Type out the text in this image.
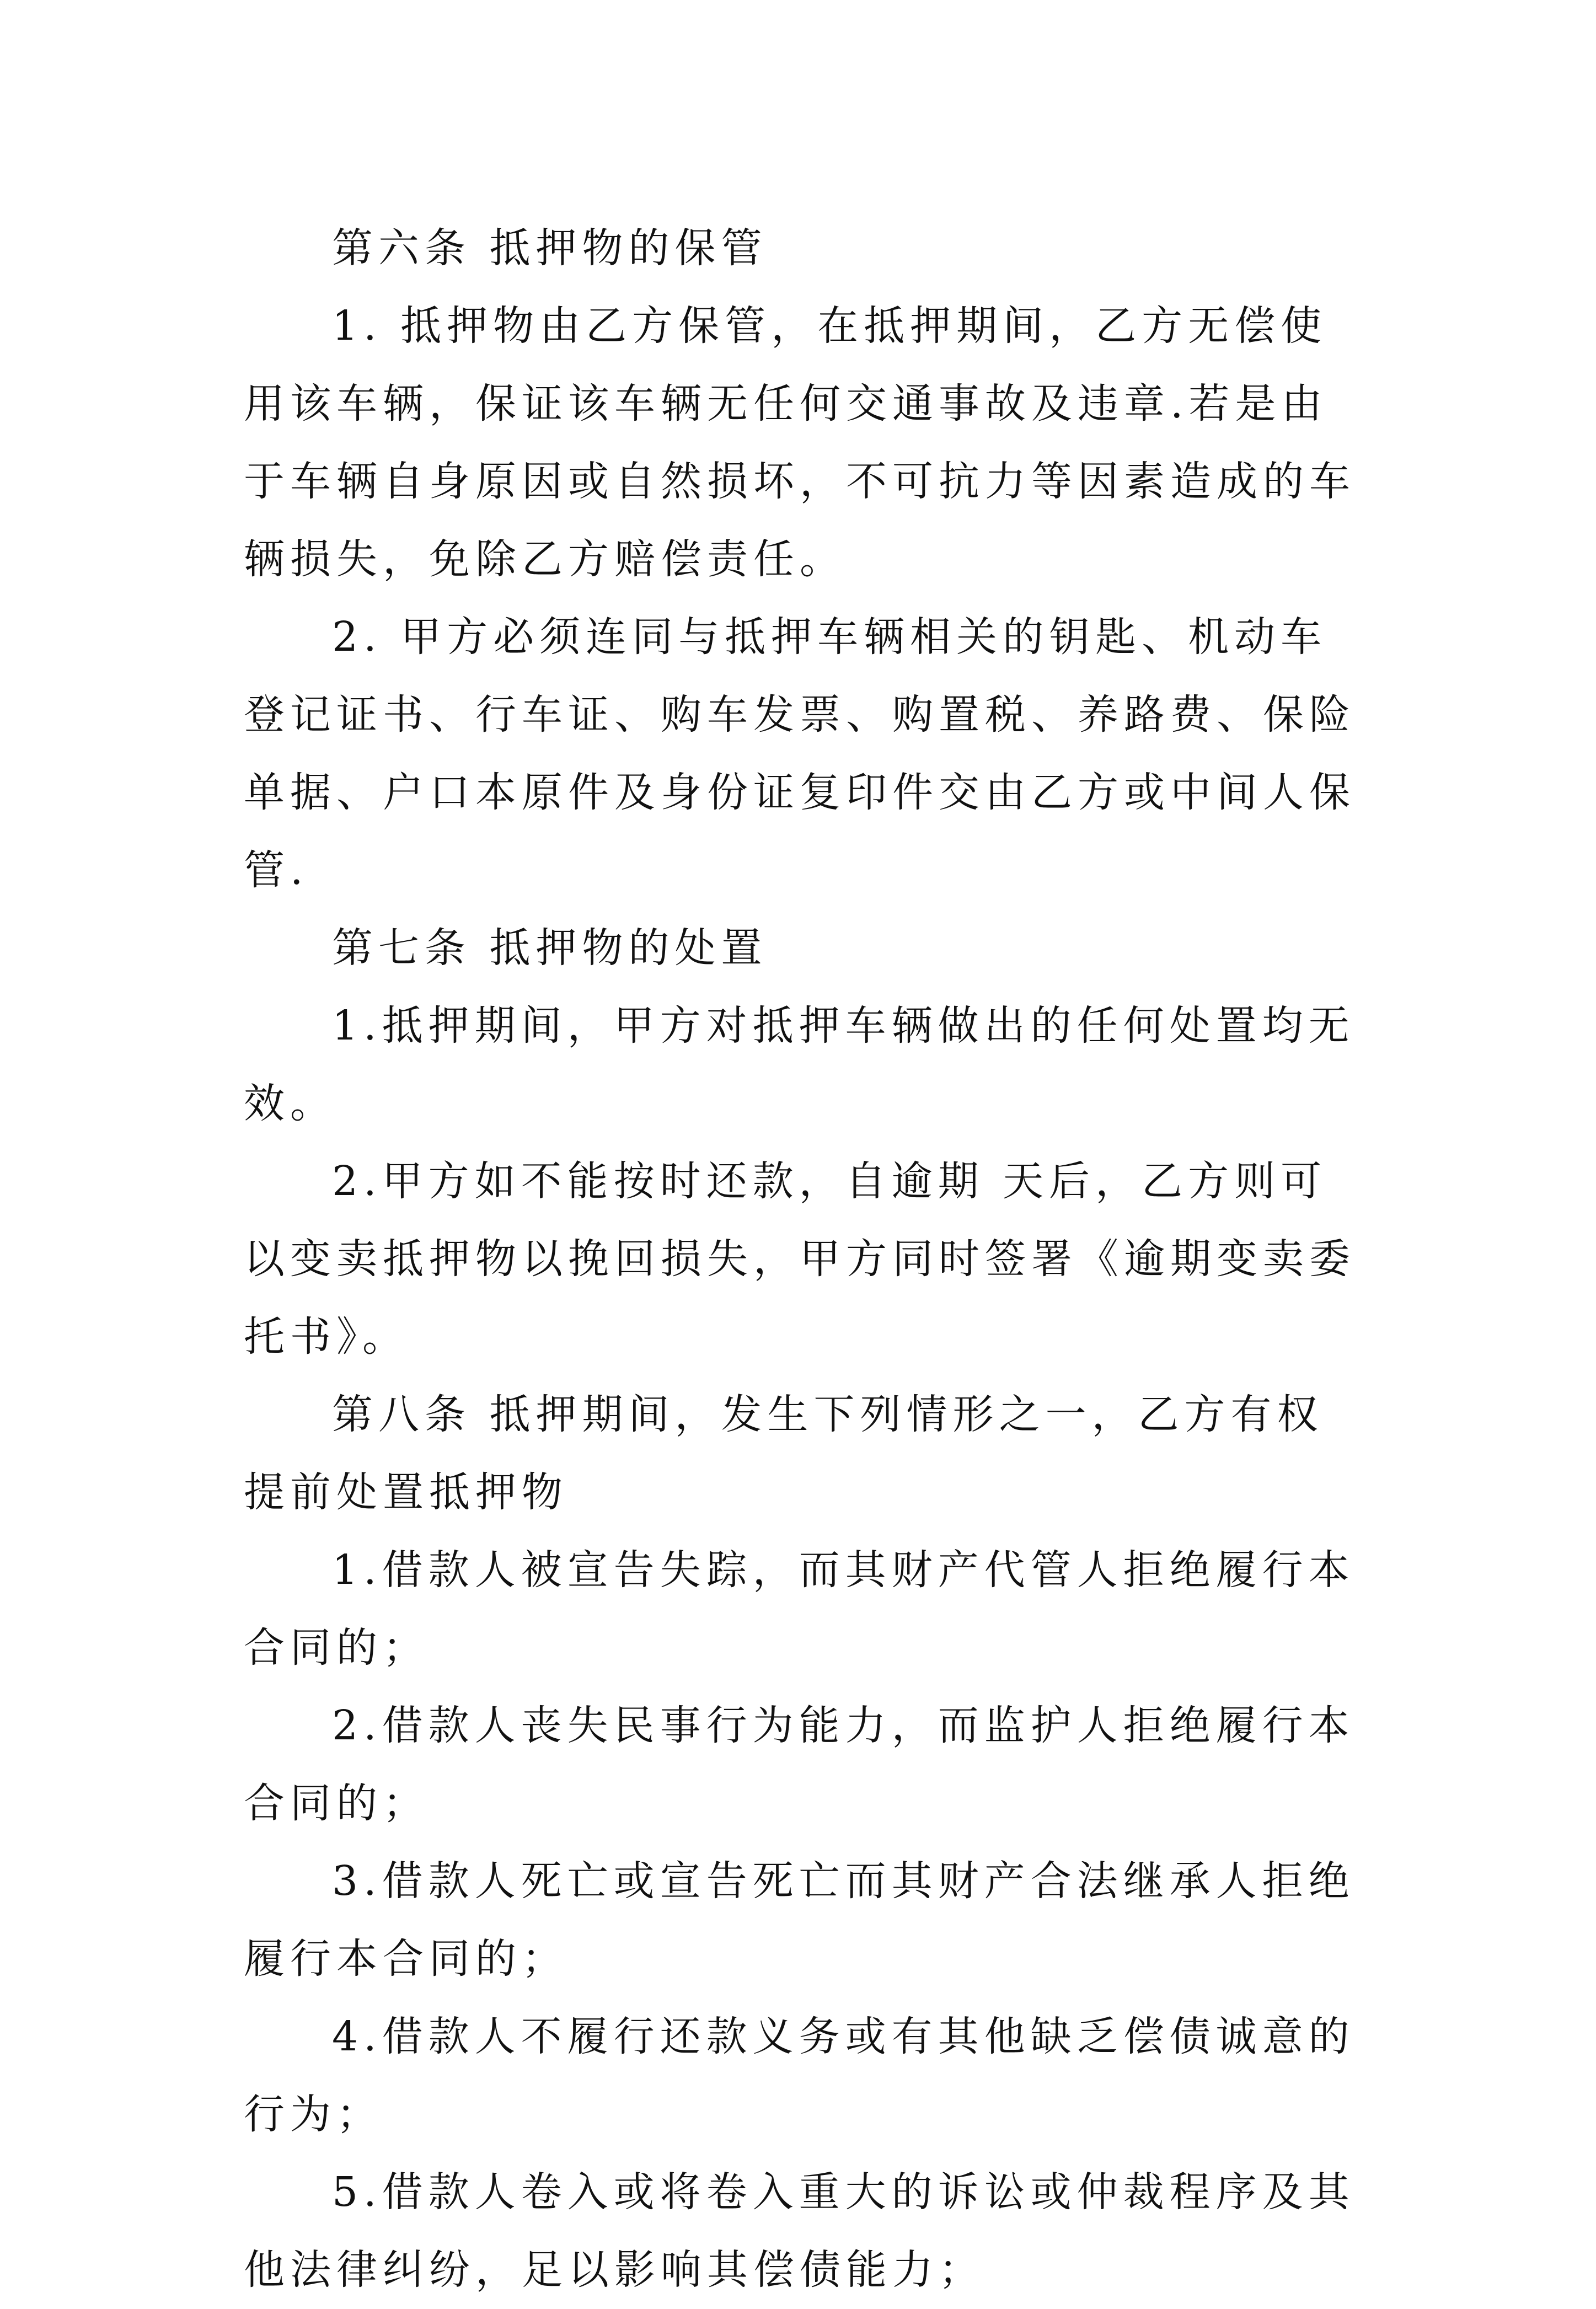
第六条 抵押物的保管

1. 抵押物由乙方保管，在抵押期间，乙方无偿使用该车辆，保证该车辆无任何交通事故及违章.若是由于车辆自身原因或自然损坏，不可抗力等因素造成的车辆损失，免除乙方赔偿责任。

2. 甲方必须连同与抵押车辆相关的钥匙、机动车登记证书、行车证、购车发票、购置税、养路费、保险单据、户口本原件及身份证复印件交由乙方或中间人保管.

第七条 抵押物的处置

1.抵押期间，甲方对抵押车辆做出的任何处置均无效。

2.甲方如不能按时还款，自逾期 天后，乙方则可以变卖抵押物以挽回损失，甲方同时签署《逾期变卖委托书》。

第八条 抵押期间，发生下列情形之一，乙方有权提前处置抵押物

1.借款人被宣告失踪，而其财产代管人拒绝履行本合同的；

2.借款人丧失民事行为能力，而监护人拒绝履行本合同的；

3.借款人死亡或宣告死亡而其财产合法继承人拒绝履行本合同的；

4.借款人不履行还款义务或有其他缺乏偿债诚意的行为；

5.借款人卷入或将卷入重大的诉讼或仲裁程序及其他法律纠纷，足以影响其偿债能力；
